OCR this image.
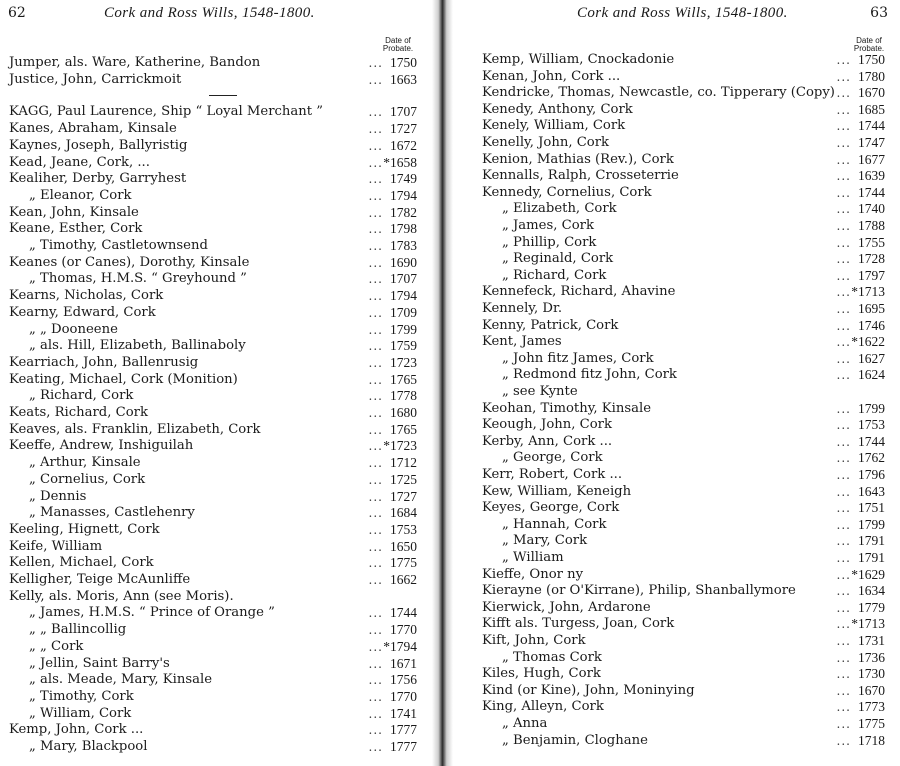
62	Cork and Ross Wills, 1548-1800.
Date of
Probate.
Jumper, als. Ware, Katherine, Bandon	... 1750
Justice, John, Carrickmoit	... 1663
KAGG, Paul Laurence, Ship “ Loyal Merchant ”	... 1707
Kanes, Abraham, Kinsale	... 1727
Kaynes, Joseph, Ballyristig	... 1672
Kead, Jeane, Cork, ...	... *1658
Kealiher, Derby, Garryhest	... 1749
„ Eleanor, Cork	... 1794
Kean, John, Kinsale	... 1782
Keane, Esther, Cork	... 1798
„ Timothy, Castletownsend	... 1783
Keanes (or Canes), Dorothy, Kinsale	... 1690
„ Thomas, H.M.S. “ Greyhound ”	... 1707
Kearns, Nicholas, Cork	... 1794
Kearny, Edward, Cork	... 1709
„ „ Dooneene	... 1799
„ als. Hill, Elizabeth, Ballinaboly	... 1759
Kearriach, John, Ballenrusig	... 1723
Keating, Michael, Cork (Monition)	... 1765
„ Richard, Cork	... 1778
Keats, Richard, Cork	... 1680
Keaves, als. Franklin, Elizabeth, Cork	... 1765
Keeffe, Andrew, Inshiguilah	... *1723
„ Arthur, Kinsale	... 1712
„ Cornelius, Cork	... 1725
„ Dennis	... 1727
„ Manasses, Castlehenry	... 1684
Keeling, Hignett, Cork	... 1753
Keife, William	... 1650
Kellen, Michael, Cork	... 1775
Kelligher, Teige McAunliffe	... 1662
Kelly, als. Moris, Ann (see Moris).
„ James, H.M.S. “ Prince of Orange ”	... 1744
„ „ Ballincollig	... 1770
„ „ Cork	... *1794
„ Jellin, Saint Barry's	... 1671
„ als. Meade, Mary, Kinsale	... 1756
„ Timothy, Cork	... 1770
„ William, Cork	... 1741
Kemp, John, Cork ...	... 1777
„ Mary, Blackpool	... 1777
Cork and Ross Wills, 1548-1800.	63
Date of
Probate.
Kemp, William, Cnockadonie	... 1750
Kenan, John, Cork ...	... 1780
Kendricke, Thomas, Newcastle, co. Tipperary (Copy) ... 1670
Kenedy, Anthony, Cork	... 1685
Kenely, William, Cork	... 1744
Kenelly, John, Cork	... 1747
Kenion, Mathias (Rev.), Cork	... 1677
Kennalls, Ralph, Crosseterrie	... 1639
Kennedy, Cornelius, Cork	... 1744
„ Elizabeth, Cork	... 1740
„ James, Cork	... 1788
„ Phillip, Cork	... 1755
„ Reginald, Cork	... 1728
„ Richard, Cork	... 1797
Kennefeck, Richard, Ahavine	... *1713
Kennely, Dr.	... 1695
Kenny, Patrick, Cork	... 1746
Kent, James	... *1622
„ John fitz James, Cork	... 1627
„ Redmond fitz John, Cork	... 1624
„ see Kynte
Keohan, Timothy, Kinsale	... 1799
Keough, John, Cork	... 1753
Kerby, Ann, Cork ...	... 1744
„ George, Cork	... 1762
Kerr, Robert, Cork ...	... 1796
Kew, William, Keneigh	... 1643
Keyes, George, Cork	... 1751
„ Hannah, Cork	... 1799
„ Mary, Cork	... 1791
„ William	... 1791
Kieffe, Onor ny	... *1629
Kierayne (or O'Kirrane), Philip, Shanballymore	... 1634
Kierwick, John, Ardarone	... 1779
Kifft als. Turgess, Joan, Cork	... *1713
Kift, John, Cork	... 1731
„ Thomas Cork	... 1736
Kiles, Hugh, Cork	... 1730
Kind (or Kine), John, Moninying	... 1670
King, Alleyn, Cork	... 1773
„ Anna	... 1775
„ Benjamin, Cloghane	... 1718
